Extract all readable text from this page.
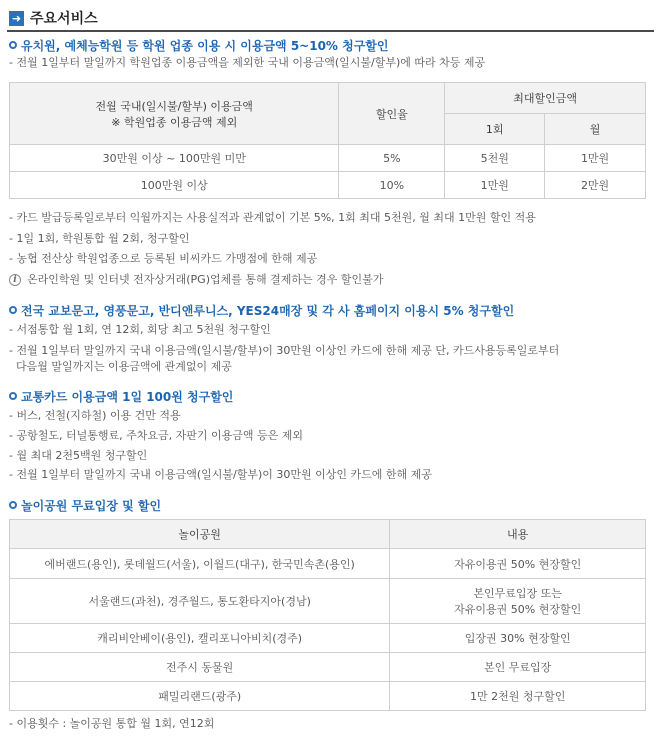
➜ 주요서비스
유치원, 예체능학원 등 학원 업종 이용 시 이용금액 5~10% 청구할인
- 전월 1일부터 말일까지 학원업종 이용금액을 제외한 국내 이용금액(일시불/할부)에 따라 차등 제공
전월 국내(일시불/할부) 이용금액
※ 학원업종 이용금액 제외	할인율	최대할인금액	
		1회	월
30만원 이상 ~ 100만원 미만	5%	5천원	1만원
100만원 이상	10%	1만원	2만원
- 카드 발급등록일로부터 익월까지는 사용실적과 관계없이 기본 5%, 1회 최대 5천원, 월 최대 1만원 할인 적용
- 1일 1회, 학원통합 월 2회, 청구할인
- 농협 전산상 학원업종으로 등록된 비씨카드 가맹점에 한해 제공
i 온라인학원 및 인터넷 전자상거래(PG)업체를 통해 결제하는 경우 할인불가
전국 교보문고, 영풍문고, 반디앤루니스, YES24매장 및 각 사 홈페이지 이용시 5% 청구할인
- 서점통합 월 1회, 연 12회, 회당 최고 5천원 청구할인
- 전월 1일부터 말일까지 국내 이용금액(일시불/할부)이 30만원 이상인 카드에 한해 제공 단, 카드사용등록일로부터
다음월 말일까지는 이용금액에 관계없이 제공
교통카드 이용금액 1일 100원 청구할인
- 버스, 전철(지하철) 이용 건만 적용
- 공항철도, 터널통행료, 주차요금, 자판기 이용금액 등은 제외
- 월 최대 2천5백원 청구할인
- 전월 1일부터 말일까지 국내 이용금액(일시불/할부)이 30만원 이상인 카드에 한해 제공
놀이공원 무료입장 및 할인
놀이공원	내용
에버랜드(용인), 롯데월드(서울), 이월드(대구), 한국민속촌(용인)	자유이용권 50% 현장할인
서울랜드(과천), 경주월드, 통도환타지아(경남)	본인무료입장 또는
자유이용권 50% 현장할인

캐리비안베이(용인), 캘리포니아비치(경주)	입장권 30% 현장할인
전주시 동물원	본인 무료입장
패밀리랜드(광주)	1만 2천원 청구할인
- 이용횟수 : 놀이공원 통합 월 1회, 연12회
